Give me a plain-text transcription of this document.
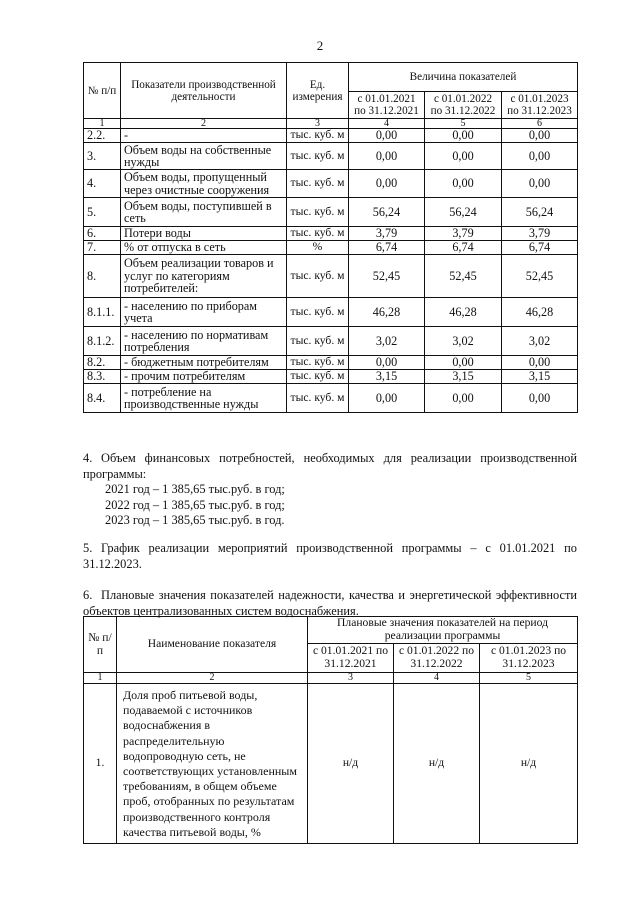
2
№ п/п	Показатели производственной деятельности	Ед. измерения	Величина показателей		
			с 01.01.2021 по 31.12.2021	с 01.01.2022 по 31.12.2022	с 01.01.2023 по 31.12.2023
1	2	3	4	5	6
2.2.	-	тыс. куб. м	0,00	0,00	0,00
3.	Объем воды на собственные нужды	тыс. куб. м	0,00	0,00	0,00
4.	Объем воды, пропущенный через очистные сооружения	тыс. куб. м	0,00	0,00	0,00
5.	Объем воды, поступившей в сеть	тыс. куб. м	56,24	56,24	56,24
6.	Потери воды	тыс. куб. м	3,79	3,79	3,79
7.	% от отпуска в сеть	%	6,74	6,74	6,74
8.	Объем реализации товаров и услуг по категориям потребителей:	тыс. куб. м	52,45	52,45	52,45
8.1.1.	- населению по приборам учета	тыс. куб. м	46,28	46,28	46,28
8.1.2.	- населению по нормативам потребления	тыс. куб. м	3,02	3,02	3,02
8.2.	- бюджетным потребителям	тыс. куб. м	0,00	0,00	0,00
8.3.	- прочим потребителям	тыс. куб. м	3,15	3,15	3,15
8.4.	- потребление на производственные нужды	тыс. куб. м	0,00	0,00	0,00
4. Объем финансовых потребностей, необходимых для реализации производственной программы:
2021 год – 1 385,65 тыс.руб. в год;
2022 год – 1 385,65 тыс.руб. в год;
2023 год – 1 385,65 тыс.руб. в год.
5. График реализации мероприятий производственной программы – с 01.01.2021 по 31.12.2023.
6. Плановые значения показателей надежности, качества и энергетической эффективности объектов централизованных систем водоснабжения.
№ п/п	Наименование показателя	Плановые значения показателей на период реализации программы		
		с 01.01.2021 по 31.12.2021	с 01.01.2022 по 31.12.2022	с 01.01.2023 по 31.12.2023
1	2	3	4	5
1.	Доля проб питьевой воды, подаваемой с источников водоснабжения в распределительную водопроводную сеть, не соответствующих установленным требованиям, в общем объеме проб, отобранных по результатам производственного контроля качества питьевой воды, %	н/д	н/д	н/д
